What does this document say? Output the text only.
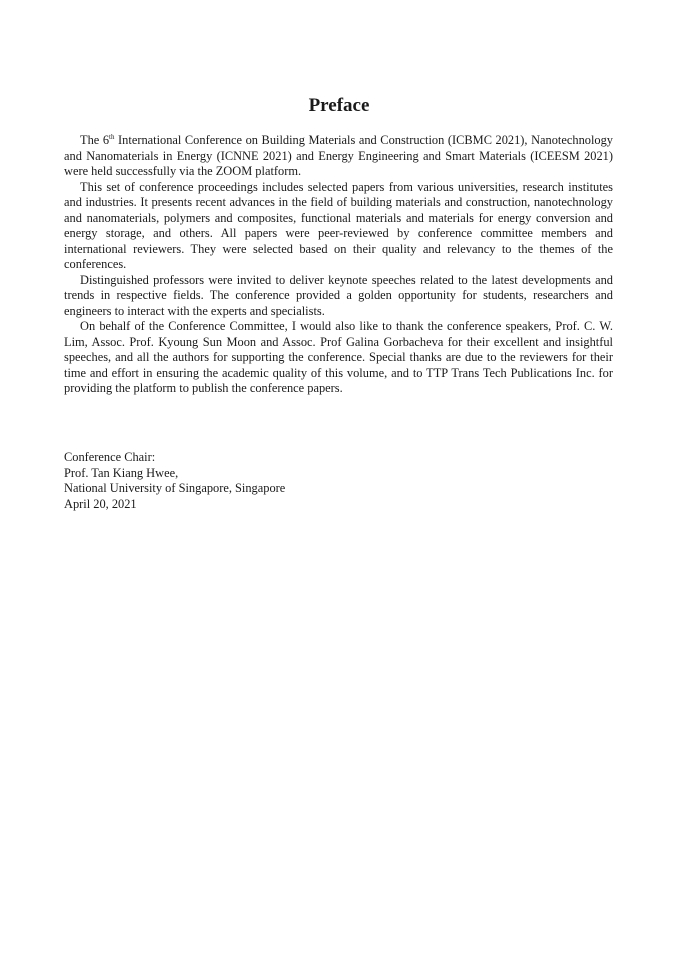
Preface

The 6th International Conference on Building Materials and Construction (ICBMC 2021), Nanotechnology and Nanomaterials in Energy (ICNNE 2021) and Energy Engineering and Smart Materials (ICEESM 2021) were held successfully via the ZOOM platform.

This set of conference proceedings includes selected papers from various universities, research institutes and industries. It presents recent advances in the field of building materials and construction, nanotechnology and nanomaterials, polymers and composites, functional materials and materials for energy conversion and energy storage, and others. All papers were peer-reviewed by conference committee members and international reviewers. They were selected based on their quality and relevancy to the themes of the conferences.

Distinguished professors were invited to deliver keynote speeches related to the latest developments and trends in respective fields. The conference provided a golden opportunity for students, researchers and engineers to interact with the experts and specialists.

On behalf of the Conference Committee, I would also like to thank the conference speakers, Prof. C. W. Lim, Assoc. Prof. Kyoung Sun Moon and Assoc. Prof Galina Gorbacheva for their excellent and insightful speeches, and all the authors for supporting the conference. Special thanks are due to the reviewers for their time and effort in ensuring the academic quality of this volume, and to TTP Trans Tech Publications Inc. for providing the platform to publish the conference papers.

Conference Chair:
Prof. Tan Kiang Hwee,
National University of Singapore, Singapore
April 20, 2021
